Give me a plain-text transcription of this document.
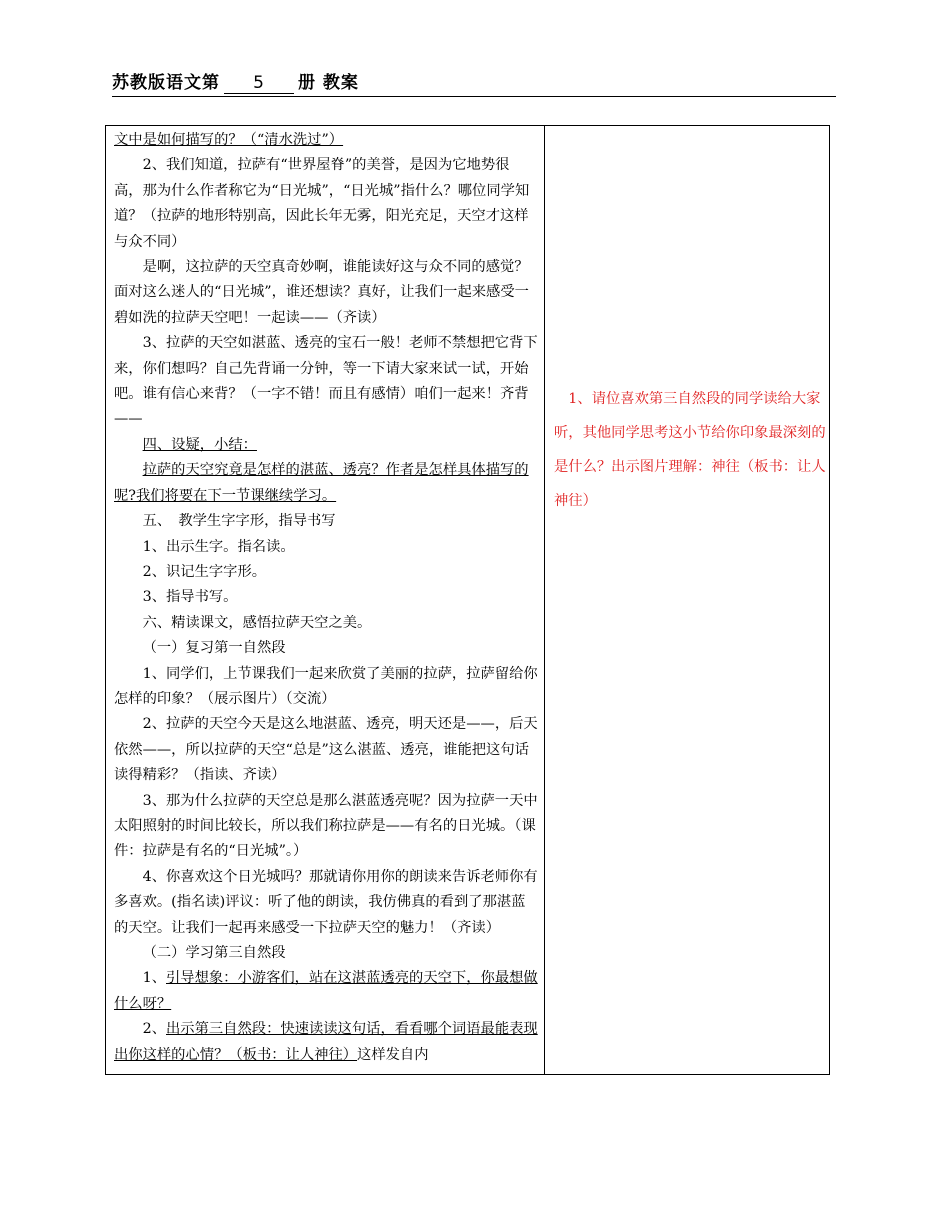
苏教版语文第 5 册 教案

文中是如何描写的？（“清水洗过”）

2、我们知道，拉萨有“世界屋脊”的美誉，是因为它地势很高，那为什么作者称它为“日光城”，“日光城”指什么？哪位同学知道？（拉萨的地形特别高，因此长年无雾，阳光充足，天空才这样与众不同）

是啊，这拉萨的天空真奇妙啊，谁能读好这与众不同的感觉？面对这么迷人的“日光城”，谁还想读？真好，让我们一起来感受一碧如洗的拉萨天空吧！一起读——（齐读）

3、拉萨的天空如湛蓝、透亮的宝石一般！老师不禁想把它背下来，你们想吗？自己先背诵一分钟，等一下请大家来试一试，开始吧。谁有信心来背？（一字不错！而且有感情）咱们一起来！齐背——

四、设疑，小结：

拉萨的天空究竟是怎样的湛蓝、透亮？作者是怎样具体描写的呢?我们将要在下一节课继续学习。

五、　教学生字字形，指导书写

1、出示生字。指名读。

2、识记生字字形。

3、指导书写。

六、精读课文，感悟拉萨天空之美。

（一）复习第一自然段

1、同学们，上节课我们一起来欣赏了美丽的拉萨，拉萨留给你怎样的印象？（展示图片）（交流）

2、拉萨的天空今天是这么地湛蓝、透亮，明天还是——，后天依然——，所以拉萨的天空“总是”这么湛蓝、透亮，谁能把这句话读得精彩？（指读、齐读）

3、那为什么拉萨的天空总是那么湛蓝透亮呢？因为拉萨一天中太阳照射的时间比较长，所以我们称拉萨是——有名的日光城。（课件：拉萨是有名的“日光城”。）

4、你喜欢这个日光城吗？那就请你用你的朗读来告诉老师你有多喜欢。(指名读)评议：听了他的朗读，我仿佛真的看到了那湛蓝的天空。让我们一起再来感受一下拉萨天空的魅力！（齐读）

（二）学习第三自然段

1、引导想象：小游客们，站在这湛蓝透亮的天空下，你最想做什么呀？

2、出示第三自然段：快速读读这句话，看看哪个词语最能表现出你这样的心情？（板书：让人神往）这样发自内

1、请位喜欢第三自然段的同学读给大家听，其他同学思考这小节给你印象最深刻的是什么？出示图片理解：神往（板书：让人神往）
